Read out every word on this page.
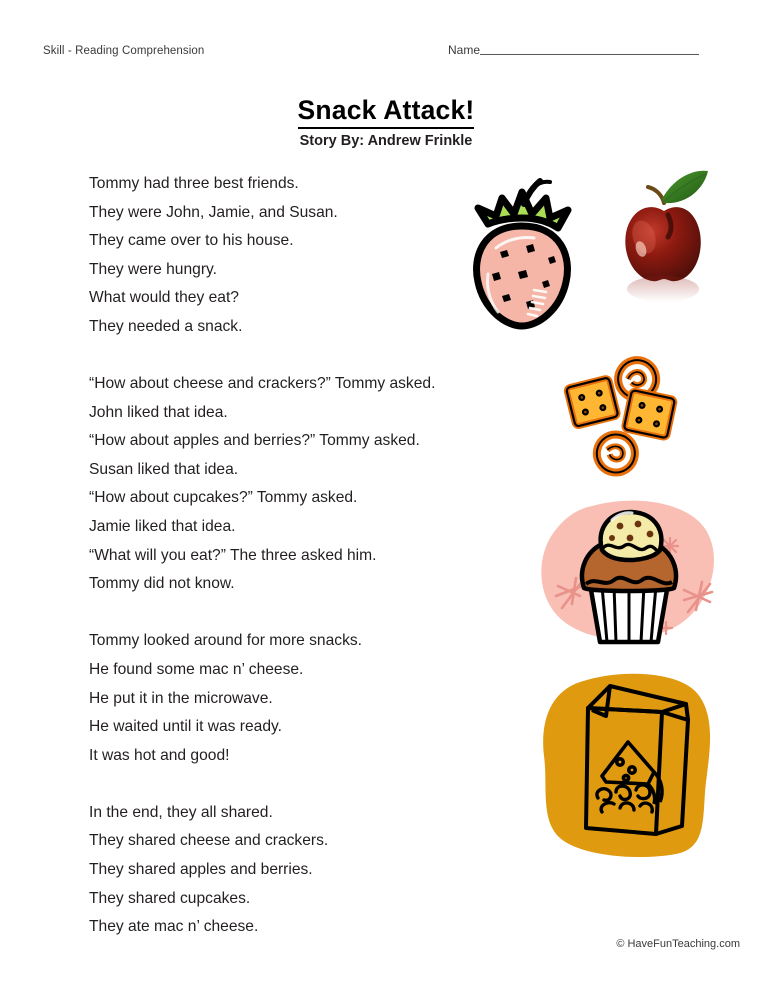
Skill - Reading Comprehension	Name
Snack Attack!
Story By: Andrew Frinkle
Tommy had three best friends.
They were John, Jamie, and Susan.
They came over to his house.
They were hungry.
What would they eat?
They needed a snack.
“How about cheese and crackers?” Tommy asked.
John liked that idea.
“How about apples and berries?” Tommy asked.
Susan liked that idea.
“How about cupcakes?” Tommy asked.
Jamie liked that idea.
“What will you eat?” The three asked him.
Tommy did not know.
Tommy looked around for more snacks.
He found some mac n’ cheese.
He put it in the microwave.
He waited until it was ready.
It was hot and good!
In the end, they all shared.
They shared cheese and crackers.
They shared apples and berries.
They shared cupcakes.
They ate mac n’ cheese.
© HaveFunTeaching.com
